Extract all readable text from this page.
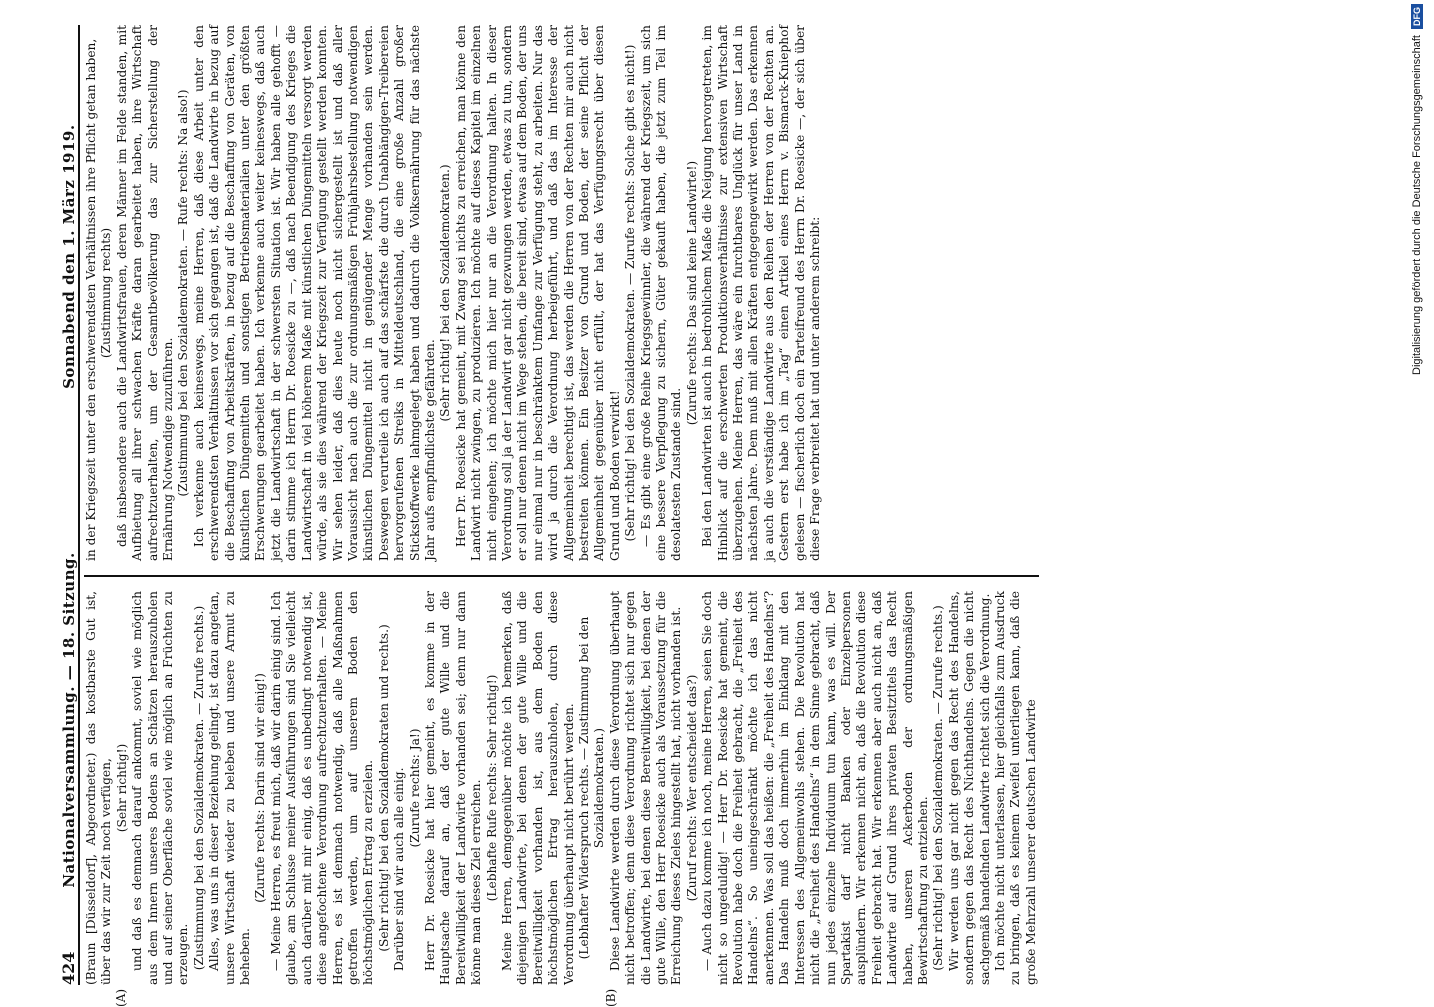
424
Nationalversammlung. — 18. Sitzung.
Sonnabend den 1. März 1919.
(A)	(B)

(Braun [Düsseldorf], Abgeordneter.) das kostbarste Gut ist, über das wir zur Zeit noch verfügen, (Sehr richtig!) und daß es demnach darauf ankommt, soviel wie möglich aus dem Innern unseres Bodens an Schätzen herauszuholen und auf seiner Oberfläche soviel wie möglich an Früchten zu erzeugen. (Zustimmung bei den Sozialdemokraten. — Zurufe rechts.) Alles, was uns in dieser Beziehung gelingt, ist dazu angetan, unsere Wirtschaft wieder zu beleben und unsere Armut zu beheben.

(Zurufe rechts: Darin sind wir einig!) — Meine Herren, es freut mich, daß wir darin einig sind. Ich glaube, am Schlusse meiner Ausführungen sind Sie vielleicht auch darüber mit mir einig, daß es unbedingt notwendig ist, diese angefochtene Verordnung aufrechtzuerhalten. — Meine Herren, es ist demnach notwendig, daß alle Maßnahmen getroffen werden, um auf unserem Boden den höchstmöglichen Ertrag zu erzielen. (Sehr richtig! bei den Sozialdemokraten und rechts.) Darüber sind wir auch alle einig. (Zurufe rechts: Ja!) Herr Dr. Roesicke hat hier gemeint, es komme in der Hauptsache darauf an, daß der gute Wille und die Bereitwilligkeit der Landwirte vorhanden sei; denn nur dann könne man dieses Ziel erreichen. (Lebhafte Rufe rechts: Sehr richtig!) Meine Herren, demgegenüber möchte ich bemerken, daß diejenigen Landwirte, bei denen der gute Wille und die Bereitwilligkeit vorhanden ist, aus dem Boden den höchstmöglichen Ertrag herauszuholen, durch diese Verordnung überhaupt nicht berührt werden. (Lebhafter Widerspruch rechts. — Zustimmung bei den Sozialdemokraten.) Diese Landwirte werden durch diese Verordnung überhaupt nicht betroffen; denn diese Verordnung richtet sich nur gegen die Landwirte, bei denen diese Bereitwilligkeit, bei denen der gute Wille, den Herr Roesicke auch als Voraussetzung für die Erreichung dieses Zieles hingestellt hat, nicht vorhanden ist. (Zuruf rechts: Wer entscheidet das?) — Auch dazu komme ich noch, meine Herren, seien Sie doch nicht so ungeduldig! — Herr Dr. Roesicke hat gemeint, die Revolution habe doch die Freiheit gebracht, die „Freiheit des Handelns“. So uneingeschränkt möchte ich das nicht anerkennen. Was soll das heißen: die „Freiheit des Handelns“? Das Handeln muß doch immerhin im Einklang mit den Interessen des Allgemeinwohls stehen. Die Revolution hat nicht die „Freiheit des Handelns“ in dem Sinne gebracht, daß nun jedes einzelne Individuum tun kann, was es will. Der Spartakist darf nicht Banken oder Einzelpersonen ausplündern. Wir erkennen nicht an, daß die Revolution diese Freiheit gebracht hat. Wir erkennen aber auch nicht an, daß Landwirte auf Grund ihres privaten Besitztitels das Recht haben, unseren Ackerboden der ordnungsmäßigen Bewirtschaftung zu entziehen. (Sehr richtig! bei den Sozialdemokraten. — Zurufe rechts.) Wir werden uns gar nicht gegen das Recht des Handelns, sondern gegen das Recht des Nichthandelns. Gegen die nicht sachgemäß handelnden Landwirte richtet sich die Verordnung. Ich möchte nicht unterlassen, hier gleichfalls zum Ausdruck zu bringen, daß es keinem Zweifel unterliegen kann, daß die große Mehrzahl unserer deutschen Landwirte

in der Kriegszeit unter den erschwerendsten Verhältnissen ihre Pflicht getan haben, (Zustimmung rechts) daß insbesondere auch die Landwirtsfrauen, deren Männer im Felde standen, mit Aufbietung all ihrer schwachen Kräfte daran gearbeitet haben, ihre Wirtschaft aufrechtzuerhalten, um der Gesamtbevölkerung das zur Sicherstellung der Ernährung Notwendige zuzuführen. (Zustimmung bei den Sozialdemokraten. — Rufe rechts: Na also!) Ich verkenne auch keineswegs, meine Herren, daß diese Arbeit unter den erschwerendsten Verhältnissen vor sich gegangen ist, daß die Landwirte in bezug auf die Beschaffung von Arbeitskräften, in bezug auf die Beschaffung von Geräten, von künstlichen Düngemitteln und sonstigen Betriebsmaterialien unter den größten Erschwerungen gearbeitet haben. Ich verkenne auch weiter keineswegs, daß auch jetzt die Landwirtschaft in der schwersten Situation ist. Wir haben alle gehofft — darin stimme ich Herrn Dr. Roesicke zu —, daß nach Beendigung des Krieges die Landwirtschaft in viel höherem Maße mit künstlichen Düngemitteln versorgt werden würde, als sie dies während der Kriegszeit zur Verfügung gestellt werden konnten. Wir sehen leider, daß dies heute noch nicht sichergestellt ist und daß aller Voraussicht nach auch die zur ordnungsmäßigen Frühjahrsbestellung notwendigen künstlichen Düngemittel nicht in genügender Menge vorhanden sein werden. Deswegen verurteile ich auch auf das schärfste die durch Unabhängigen-Treibereien hervorgerufenen Streiks in Mitteldeutschland, die eine große Anzahl großer Stickstoffwerke lahmgelegt haben und dadurch die Volksernährung für das nächste Jahr aufs empfindlichste gefährden.

(Sehr richtig! bei den Sozialdemokraten.) Herr Dr. Roesicke hat gemeint, mit Zwang sei nichts zu erreichen, man könne den Landwirt nicht zwingen, zu produzieren. Ich möchte auf dieses Kapitel im einzelnen nicht eingehen; ich möchte mich hier nur an die Verordnung halten. In dieser Verordnung soll ja der Landwirt gar nicht gezwungen werden, etwas zu tun, sondern er soll nur denen nicht im Wege stehen, die bereit sind, etwas auf dem Boden, der uns nur einmal nur in beschränktem Umfange zur Verfügung steht, zu arbeiten. Nur das wird ja durch die Verordnung herbeigeführt, und daß das im Interesse der Allgemeinheit berechtigt ist, das werden die Herren von der Rechten mir auch nicht bestreiten können. Ein Besitzer von Grund und Boden, der seine Pflicht der Allgemeinheit gegenüber nicht erfüllt, der hat das Verfügungsrecht über diesen Grund und Boden verwirkt! (Sehr richtig! bei den Sozialdemokraten. — Zurufe rechts: Solche gibt es nicht!) — Es gibt eine große Reihe Kriegsgewinnler, die während der Kriegszeit, um sich eine bessere Verpflegung zu sichern, Güter gekauft haben, die jetzt zum Teil im desolatesten Zustande sind.

(Zurufe rechts: Das sind keine Landwirte!) Bei den Landwirten ist auch in bedrohlichem Maße die Neigung hervorgetreten, im Hinblick auf die erschwerten Produktionsverhältnisse zur extensiven Wirtschaft überzugehen. Meine Herren, das wäre ein furchtbares Unglück für unser Land in nächsten Jahre. Dem muß mit allen Kräften entgegengewirkt werden. Das erkennen ja auch die verständige Landwirte aus den Reihen der Herren von der Rechten an. Gestern erst habe ich im „Tag“ einen Artikel eines Herrn v. Bismarck-Kniephof gelesen — fischerlich doch ein Parteifreund des Herrn Dr. Roesicke —, der sich über diese Frage verbreitet hat und unter anderem schreibt:

Digitalisierung gefördert durch die Deutsche Forschungsgemeinschaft
DFG
